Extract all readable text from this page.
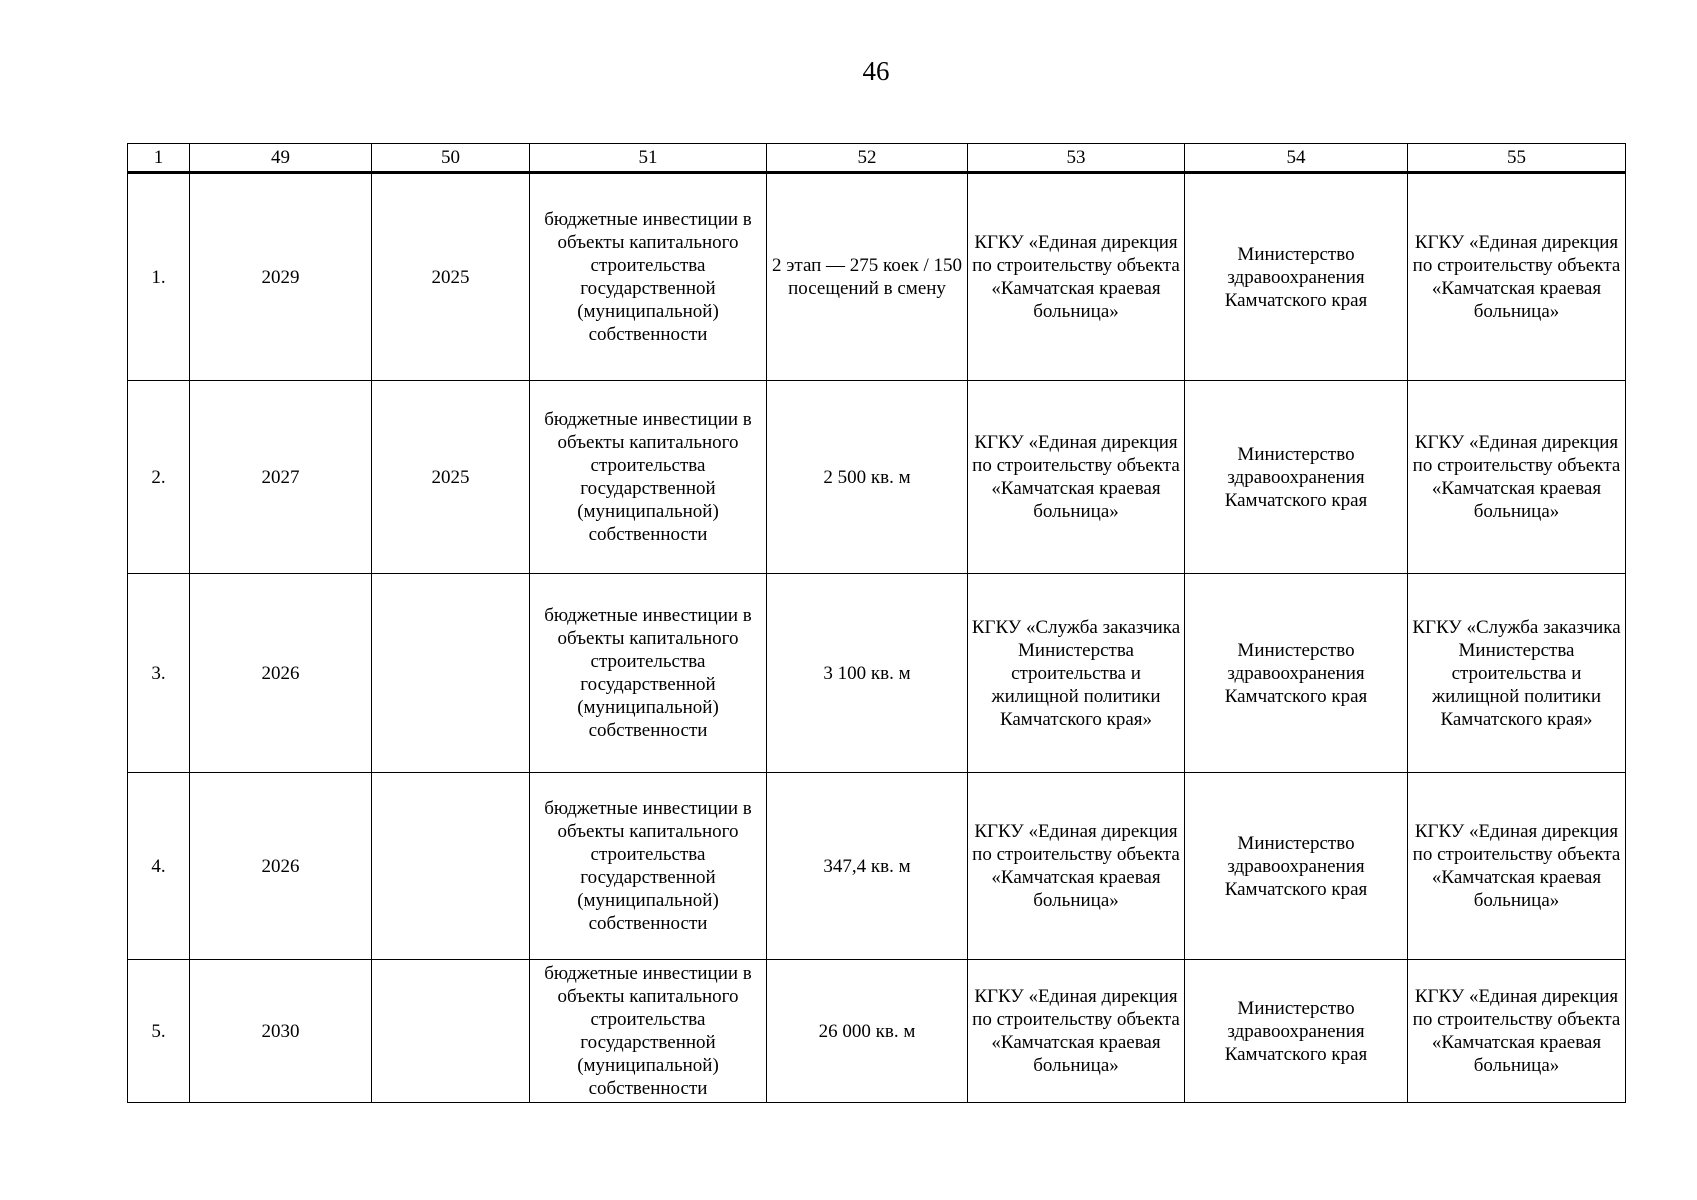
46
1	49	50	51	52	53	54	55
1.	2029	2025	бюджетные инвестиции в объекты капитального строительства государственной (муниципальной) собственности	2 этап — 275 коек / 150 посещений в смену	КГКУ «Единая дирекция по строительству объекта «Камчатская краевая больница»	Министерство здравоохранения Камчатского края	КГКУ «Единая дирекция по строительству объекта «Камчатская краевая больница»
2.	2027	2025	бюджетные инвестиции в объекты капитального строительства государственной (муниципальной) собственности	2 500 кв. м	КГКУ «Единая дирекция по строительству объекта «Камчатская краевая больница»	Министерство здравоохранения Камчатского края	КГКУ «Единая дирекция по строительству объекта «Камчатская краевая больница»
3.	2026		бюджетные инвестиции в объекты капитального строительства государственной (муниципальной) собственности	3 100 кв. м	КГКУ «Служба заказчика Министерства строительства и жилищной политики Камчатского края»	Министерство здравоохранения Камчатского края	КГКУ «Служба заказчика Министерства строительства и жилищной политики Камчатского края»
4.	2026		бюджетные инвестиции в объекты капитального строительства государственной (муниципальной) собственности	347,4 кв. м	КГКУ «Единая дирекция по строительству объекта «Камчатская краевая больница»	Министерство здравоохранения Камчатского края	КГКУ «Единая дирекция по строительству объекта «Камчатская краевая больница»
5.	2030		бюджетные инвестиции в объекты капитального строительства государственной (муниципальной) собственности	26 000 кв. м	КГКУ «Единая дирекция по строительству объекта «Камчатская краевая больница»	Министерство здравоохранения Камчатского края	КГКУ «Единая дирекция по строительству объекта «Камчатская краевая больница»
